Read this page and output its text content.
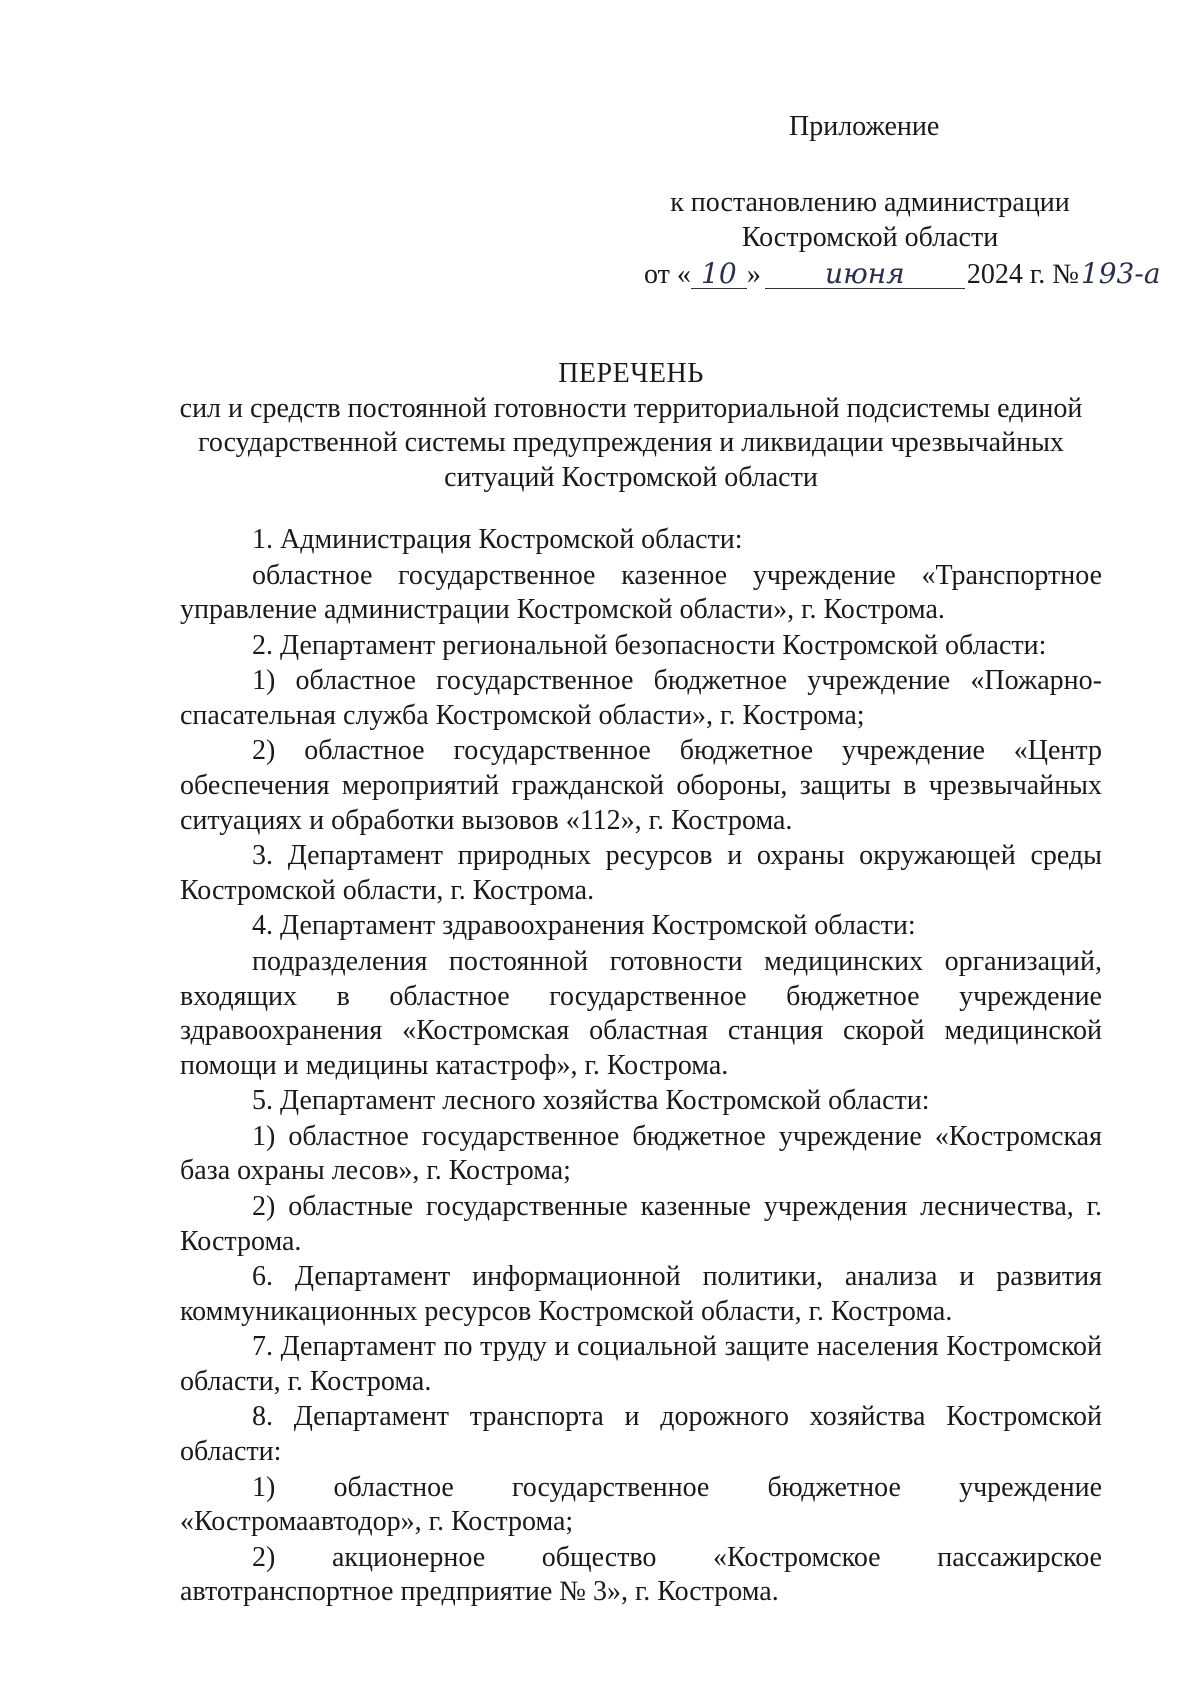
Приложение

к постановлению администрации
Костромской области
от « 10 » июня 2024 г. №193-а

ПЕРЕЧЕНЬ

сил и средств постоянной готовности территориальной подсистемы единой государственной системы предупреждения и ликвидации чрезвычайных ситуаций Костромской области

1. Администрация Костромской области:

областное государственное казенное учреждение «Транспортное управление администрации Костромской области», г. Кострома.

2. Департамент региональной безопасности Костромской области:

1) областное государственное бюджетное учреждение «Пожарно-спасательная служба Костромской области», г. Кострома;

2) областное государственное бюджетное учреждение «Центр обеспечения мероприятий гражданской обороны, защиты в чрезвычайных ситуациях и обработки вызовов «112», г. Кострома.

3. Департамент природных ресурсов и охраны окружающей среды Костромской области, г. Кострома.

4. Департамент здравоохранения Костромской области:

подразделения постоянной готовности медицинских организаций, входящих в областное государственное бюджетное учреждение здравоохранения «Костромская областная станция скорой медицинской помощи и медицины катастроф», г. Кострома.

5. Департамент лесного хозяйства Костромской области:

1) областное государственное бюджетное учреждение «Костромская база охраны лесов», г. Кострома;

2) областные государственные казенные учреждения лесничества, г. Кострома.

6. Департамент информационной политики, анализа и развития коммуникационных ресурсов Костромской области, г. Кострома.

7. Департамент по труду и социальной защите населения Костромской области, г. Кострома.

8. Департамент транспорта и дорожного хозяйства Костромской области:

1) областное государственное бюджетное учреждение «Костромаавтодор», г. Кострома;

2) акционерное общество «Костромское пассажирское автотранспортное предприятие № 3», г. Кострома.
